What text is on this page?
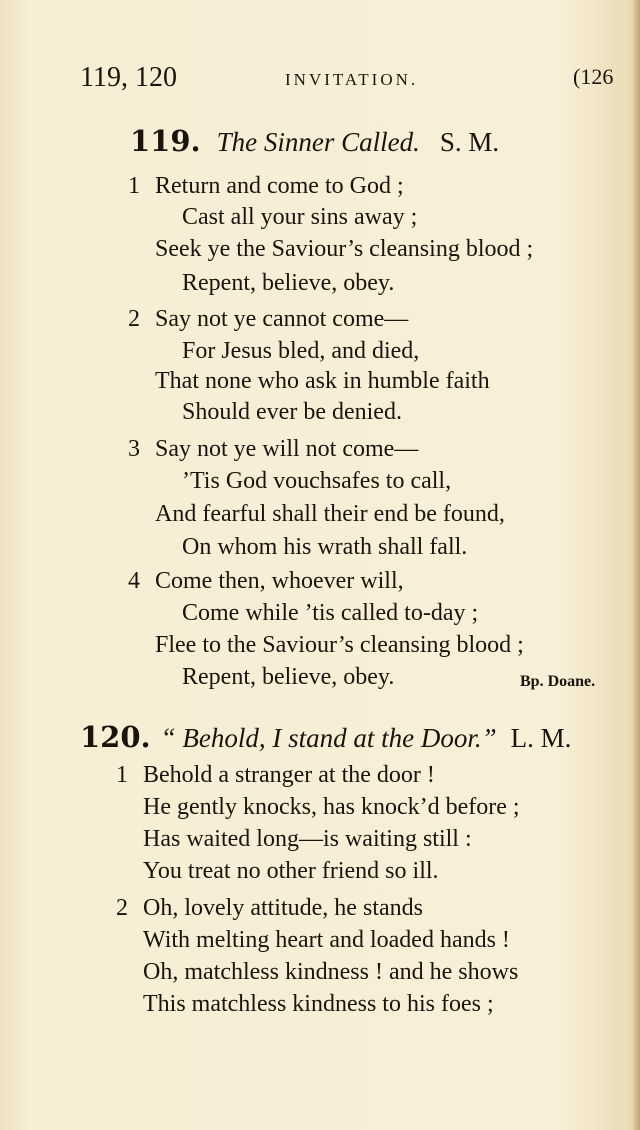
119, 120	INVITATION.	(126
119. The Sinner Called. S. M.
1 Return and come to God ;
Cast all your sins away ;
Seek ye the Saviour’s cleansing blood ;
Repent, believe, obey.
2 Say not ye cannot come—
For Jesus bled, and died,
That none who ask in humble faith
Should ever be denied.
3 Say not ye will not come—
’Tis God vouchsafes to call,
And fearful shall their end be found,
On whom his wrath shall fall.
4 Come then, whoever will,
Come while ’tis called to-day ;
Flee to the Saviour’s cleansing blood ;
Repent, believe, obey.	Bp. Doane.
120. “ Behold, I stand at the Door.” L. M.
1 Behold a stranger at the door !
He gently knocks, has knock’d before ;
Has waited long—is waiting still :
You treat no other friend so ill.
2 Oh, lovely attitude, he stands
With melting heart and loaded hands !
Oh, matchless kindness ! and he shows
This matchless kindness to his foes ;
